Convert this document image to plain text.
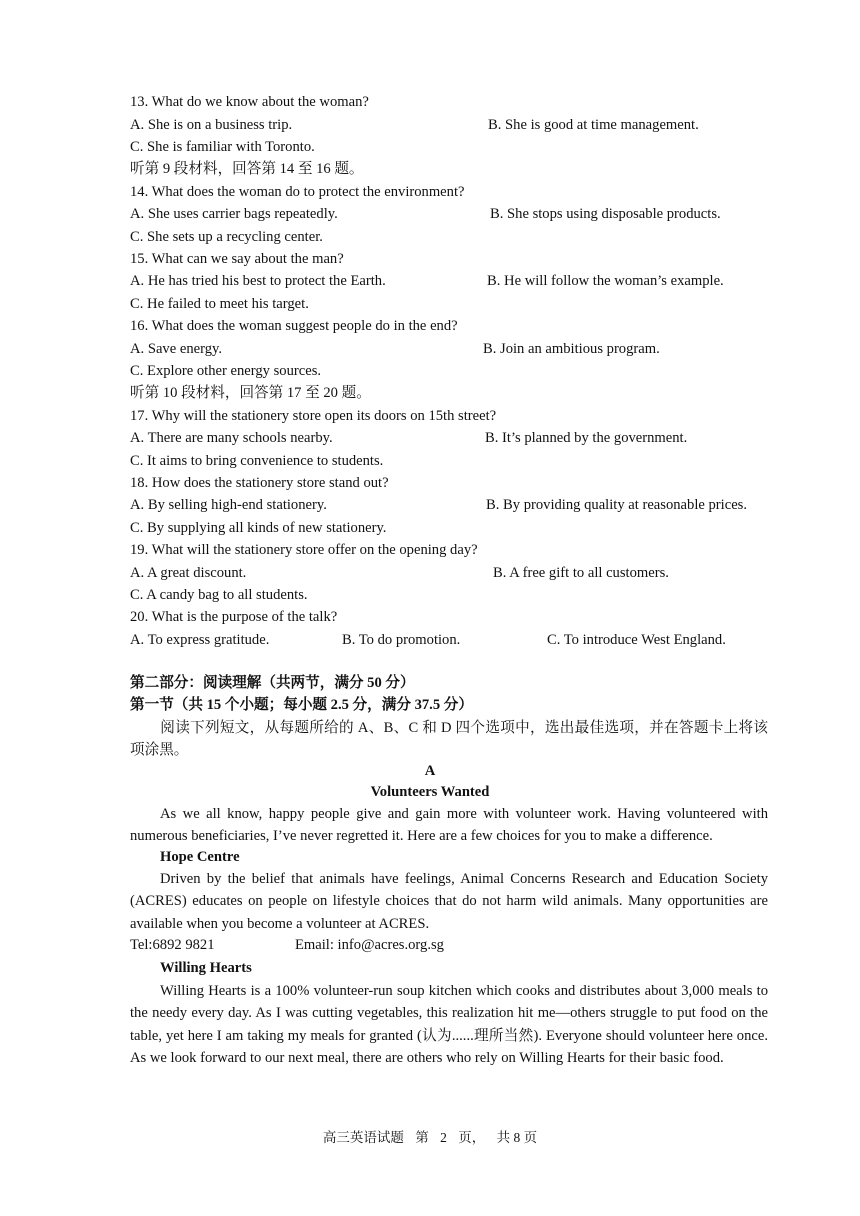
13. What do we know about the woman?
A. She is on a business trip.	B. She is good at time management.
C. She is familiar with Toronto.
听第 9 段材料，回答第 14 至 16 题。
14. What does the woman do to protect the environment?
A. She uses carrier bags repeatedly.	B. She stops using disposable products.
C. She sets up a recycling center.
15. What can we say about the man?
A. He has tried his best to protect the Earth.	B. He will follow the woman’s example.
C. He failed to meet his target.
16. What does the woman suggest people do in the end?
A. Save energy.	B. Join an ambitious program.
C. Explore other energy sources.
听第 10 段材料，回答第 17 至 20 题。
17. Why will the stationery store open its doors on 15th street?
A. There are many schools nearby.	B. It’s planned by the government.
C. It aims to bring convenience to students.
18. How does the stationery store stand out?
A. By selling high-end stationery.	B. By providing quality at reasonable prices.
C. By supplying all kinds of new stationery.
19. What will the stationery store offer on the opening day?
A. A great discount.	B. A free gift to all customers.
C. A candy bag to all students.
20. What is the purpose of the talk?
A. To express gratitude.	B. To do promotion.	C. To introduce West England.
第二部分：阅读理解（共两节，满分 50 分）
第一节（共 15 个小题；每小题 2.5 分，满分 37.5 分）
阅读下列短文，从每题所给的 A、B、C 和 D 四个选项中，选出最佳选项，并在答题卡上将该项涂黑。
A
Volunteers Wanted
As we all know, happy people give and gain more with volunteer work. Having volunteered with numerous beneficiaries, I’ve never regretted it. Here are a few choices for you to make a difference.
Hope Centre
Driven by the belief that animals have feelings, Animal Concerns Research and Education Society (ACRES) educates on people on lifestyle choices that do not harm wild animals. Many opportunities are available when you become a volunteer at ACRES.
Tel:6892 9821	Email: info@acres.org.sg
Willing Hearts
Willing Hearts is a 100% volunteer-run soup kitchen which cooks and distributes about 3,000 meals to the needy every day. As I was cutting vegetables, this realization hit me—others struggle to put food on the table, yet here I am taking my meals for granted (认为......理所当然). Everyone should volunteer here once. As we look forward to our next meal, there are others who rely on Willing Hearts for their basic food.
高三英语试题 第 2 页， 共 8 页
